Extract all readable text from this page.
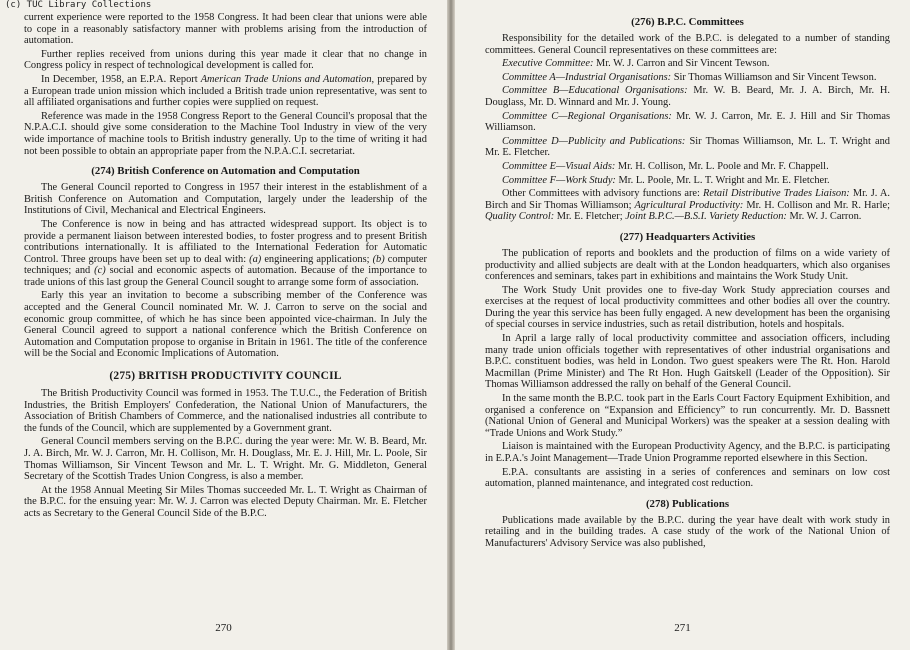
(c) TUC Library Collections

current experience were reported to the 1958 Congress. It had been clear that unions were able to cope in a reasonably satisfactory manner with problems arising from the introduction of automation.

Further replies received from unions during this year made it clear that no change in Congress policy in respect of technological development is called for.

In December, 1958, an E.P.A. Report American Trade Unions and Automation, prepared by a European trade union mission which included a British trade union representative, was sent to all affiliated organisations and further copies were supplied on request.

Reference was made in the 1958 Congress Report to the General Council's proposal that the N.P.A.C.I. should give some consideration to the Machine Tool Industry in view of the very wide importance of machine tools to British industry generally. Up to the time of writing it had not been possible to obtain an appropriate paper from the N.P.A.C.I. secretariat.

(274) British Conference on Automation and Computation

The General Council reported to Congress in 1957 their interest in the establishment of a British Conference on Automation and Computation, largely under the leadership of the Institutions of Civil, Mechanical and Electrical Engineers.

The Conference is now in being and has attracted widespread support. Its object is to provide a permanent liaison between interested bodies, to foster progress and to present British contributions internationally. It is affiliated to the International Federation for Automatic Control. Three groups have been set up to deal with: (a) engineering applications; (b) computer techniques; and (c) social and economic aspects of automation. Because of the importance to trade unions of this last group the General Council sought to arrange some form of association.

Early this year an invitation to become a subscribing member of the Conference was accepted and the General Council nominated Mr. W. J. Carron to serve on the social and economic group committee, of which he has since been appointed vice-chairman. In July the General Council agreed to support a national conference which the British Conference on Automation and Computation propose to organise in Britain in 1961. The title of the conference will be the Social and Economic Implications of Automation.

(275) BRITISH PRODUCTIVITY COUNCIL

The British Productivity Council was formed in 1953. The T.U.C., the Federation of British Industries, the British Employers' Confederation, the National Union of Manufacturers, the Association of British Chambers of Commerce, and the nationalised industries all contribute to the funds of the Council, which are supplemented by a Government grant.

General Council members serving on the B.P.C. during the year were: Mr. W. B. Beard, Mr. J. A. Birch, Mr. W. J. Carron, Mr. H. Collison, Mr. H. Douglass, Mr. E. J. Hill, Mr. L. Poole, Sir Thomas Williamson, Sir Vincent Tewson and Mr. L. T. Wright. Mr. G. Middleton, General Secretary of the Scottish Trades Union Congress, is also a member.

At the 1958 Annual Meeting Sir Miles Thomas succeeded Mr. L. T. Wright as Chairman of the B.P.C. for the ensuing year: Mr. W. J. Carron was elected Deputy Chairman. Mr. E. Fletcher acts as Secretary to the General Council Side of the B.P.C.

270
(276) B.P.C. Committees

Responsibility for the detailed work of the B.P.C. is delegated to a number of standing committees. General Council representatives on these committees are:

Executive Committee: Mr. W. J. Carron and Sir Vincent Tewson.

Committee A—Industrial Organisations: Sir Thomas Williamson and Sir Vincent Tewson.

Committee B—Educational Organisations: Mr. W. B. Beard, Mr. J. A. Birch, Mr. H. Douglass, Mr. D. Winnard and Mr. J. Young.

Committee C—Regional Organisations: Mr. W. J. Carron, Mr. E. J. Hill and Sir Thomas Williamson.

Committee D—Publicity and Publications: Sir Thomas Williamson, Mr. L. T. Wright and Mr. E. Fletcher.

Committee E—Visual Aids: Mr. H. Collison, Mr. L. Poole and Mr. F. Chappell.

Committee F—Work Study: Mr. L. Poole, Mr. L. T. Wright and Mr. E. Fletcher.

Other Committees with advisory functions are: Retail Distributive Trades Liaison: Mr. J. A. Birch and Sir Thomas Williamson; Agricultural Productivity: Mr. H. Collison and Mr. R. Harle; Quality Control: Mr. E. Fletcher; Joint B.P.C.—B.S.I. Variety Reduction: Mr. W. J. Carron.

(277) Headquarters Activities

The publication of reports and booklets and the production of films on a wide variety of productivity and allied subjects are dealt with at the London headquarters, which also organises conferences and seminars, takes part in exhibitions and maintains the Work Study Unit.

The Work Study Unit provides one to five-day Work Study appreciation courses and exercises at the request of local productivity committees and other bodies all over the country. During the year this service has been fully engaged. A new development has been the organising of special courses in service industries, such as retail distribution, hotels and hospitals.

In April a large rally of local productivity committee and association officers, including many trade union officials together with representatives of other industrial organisations and B.P.C. constituent bodies, was held in London. Two guest speakers were The Rt. Hon. Harold Macmillan (Prime Minister) and The Rt Hon. Hugh Gaitskell (Leader of the Opposition). Sir Thomas Williamson addressed the rally on behalf of the General Council.

In the same month the B.P.C. took part in the Earls Court Factory Equipment Exhibition, and organised a conference on “Expansion and Efficiency” to run concurrently. Mr. D. Bassnett (National Union of General and Municipal Workers) was the speaker at a session dealing with “Trade Unions and Work Study.”

Liaison is maintained with the European Productivity Agency, and the B.P.C. is participating in E.P.A.'s Joint Management—Trade Union Programme reported elsewhere in this Section.

E.P.A. consultants are assisting in a series of conferences and seminars on low cost automation, planned maintenance, and integrated cost reduction.

(278) Publications

Publications made available by the B.P.C. during the year have dealt with work study in retailing and in the building trades. A case study of the work of the National Union of Manufacturers' Advisory Service was also published,

271
